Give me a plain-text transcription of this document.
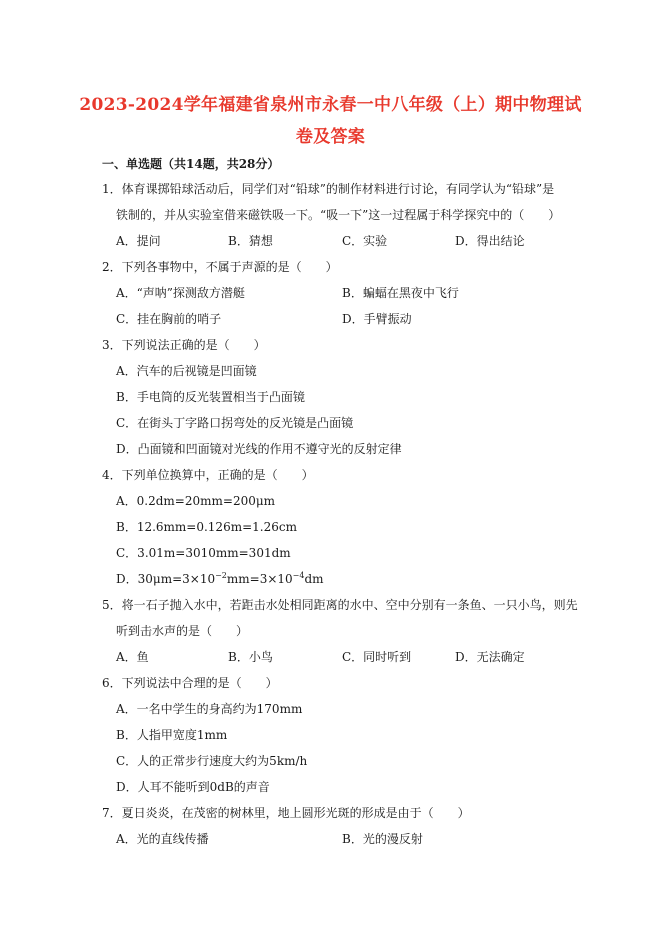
2023-2024学年福建省泉州市永春一中八年级（上）期中物理试
卷及答案
一、单选题（共14题，共28分）
1．体育课掷铅球活动后，同学们对“铅球”的制作材料进行讨论，有同学认为“铅球”是
铁制的，并从实验室借来磁铁吸一下。“吸一下”这一过程属于科学探究中的（　　）
A．提问	B．猜想	C．实验	D．得出结论
2．下列各事物中，不属于声源的是（　　）
A．“声呐”探测敌方潜艇	B．蝙蝠在黑夜中飞行
C．挂在胸前的哨子	D．手臂振动
3．下列说法正确的是（　　）
A．汽车的后视镜是凹面镜
B．手电筒的反光装置相当于凸面镜
C．在街头丁字路口拐弯处的反光镜是凸面镜
D．凸面镜和凹面镜对光线的作用不遵守光的反射定律
4．下列单位换算中，正确的是（　　）
A．0.2dm=20mm=200μm
B．12.6mm=0.126m=1.26cm
C．3.01m=3010mm=301dm
D．$30\mu m=3\times 10^{-2}mm=3\times 10^{-4}dm$
5．将一石子抛入水中，若距击水处相同距离的水中、空中分别有一条鱼、一只小鸟，则先
听到击水声的是（　　）
A．鱼	B．小鸟	C．同时听到	D．无法确定
6．下列说法中合理的是（　　）
A．一名中学生的身高约为170mm
B．人指甲宽度1mm
C．人的正常步行速度大约为5km/h
D．人耳不能听到0dB的声音
7．夏日炎炎，在茂密的树林里，地上圆形光斑的形成是由于（　　）
A．光的直线传播	B．光的漫反射
